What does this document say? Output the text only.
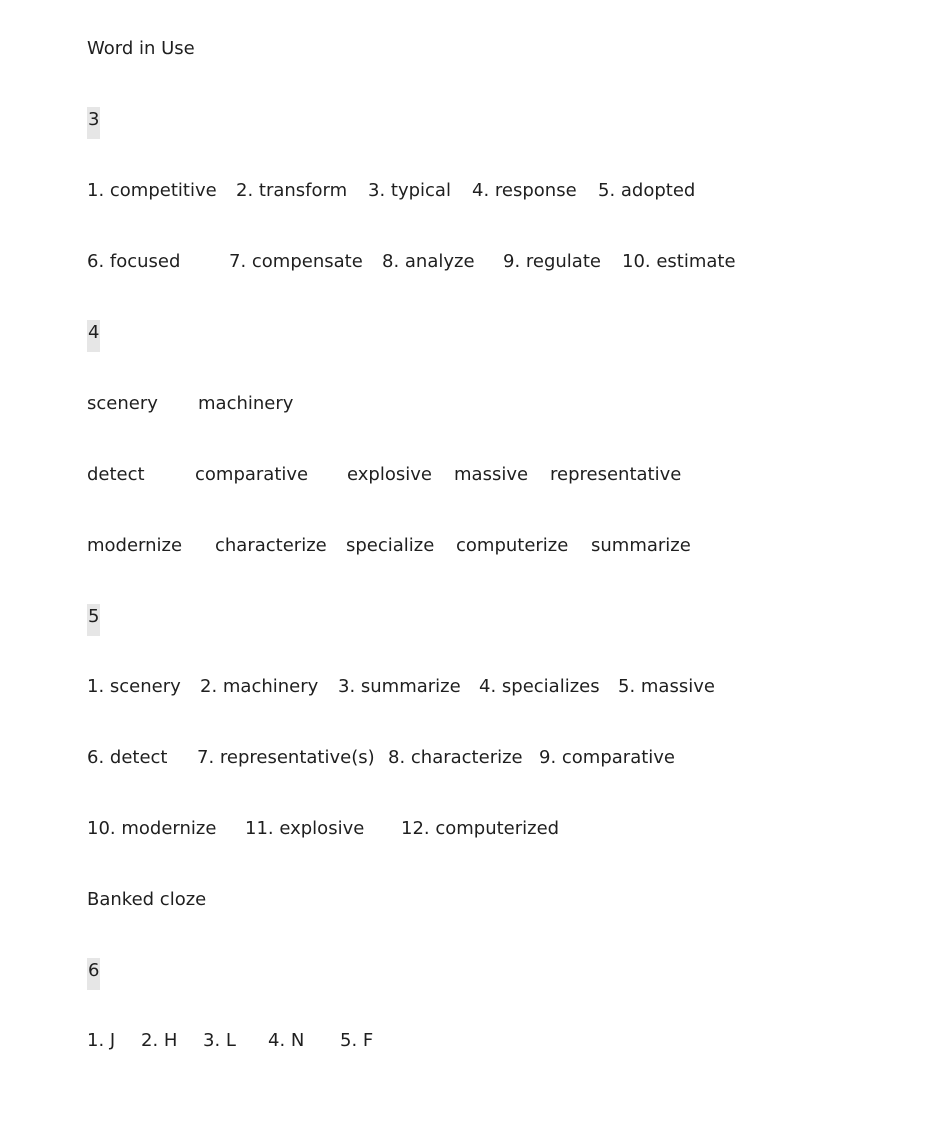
Word in Use
3
1. competitive 2. transform 3. typical 4. response 5. adopted
6. focused	7. compensate 8. analyze 9. regulate 10. estimate
4
scenery machinery
detect	comparative explosive massive representative
modernize characterize specialize computerize summarize
5
1. scenery 2. machinery 3. summarize 4. specializes 5. massive
6. detect 7. representative(s) 8. characterize 9. comparative
10. modernize 11. explosive 12. computerized
Banked cloze
6
1. J 2. H 3. L 4. N 5. F
